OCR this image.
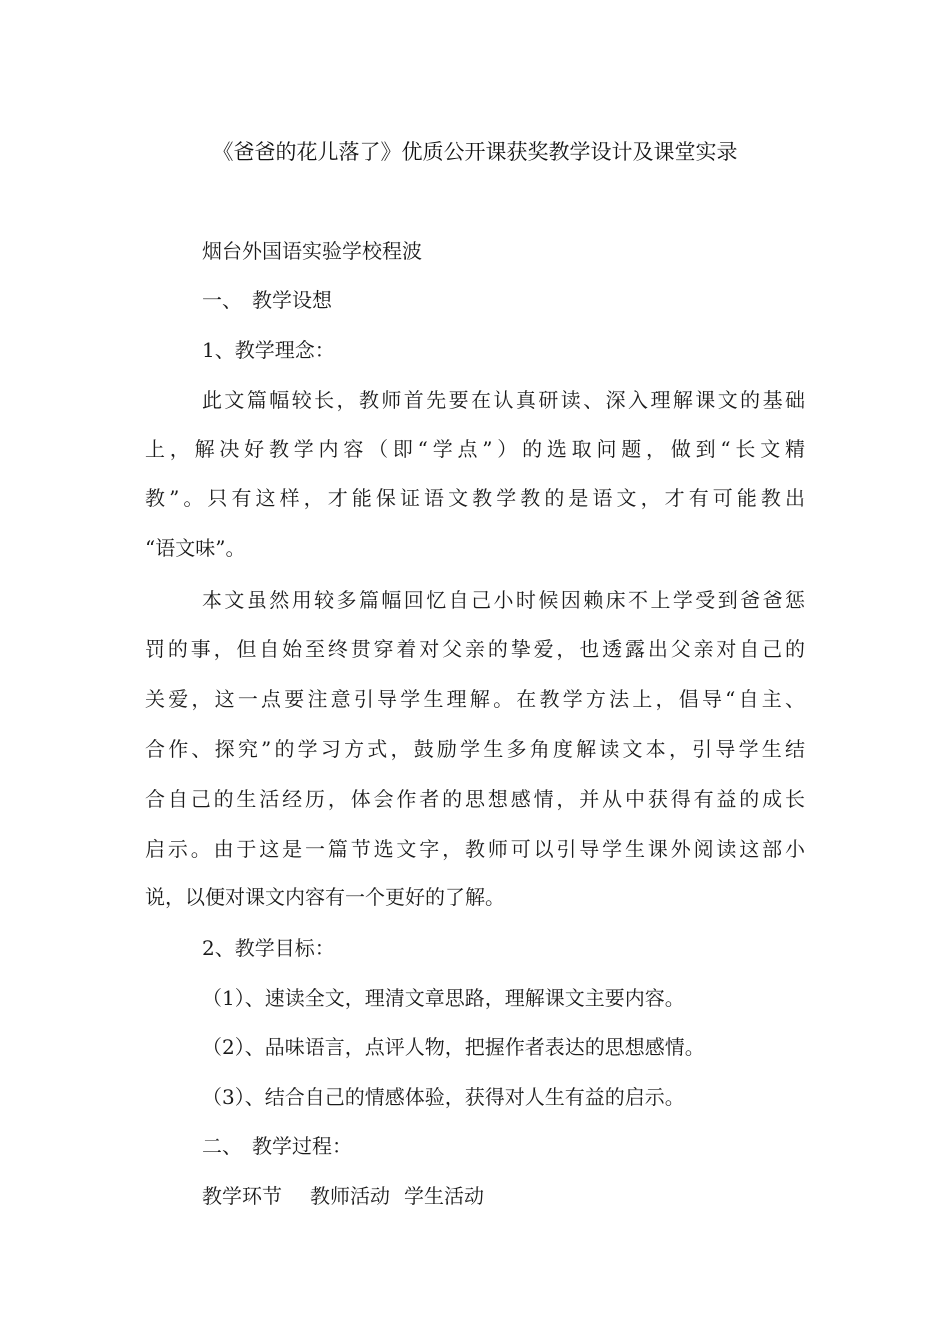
《爸爸的花儿落了》优质公开课获奖教学设计及课堂实录
烟台外国语实验学校程波
一、　教学设想
1、教学理念：
此文篇幅较长，教师首先要在认真研读、深入理解课文的基础
上，解决好教学内容（即“学点”）的选取问题，做到“长文精
教”。只有这样，才能保证语文教学教的是语文，才有可能教出
“语文味”。
本文虽然用较多篇幅回忆自己小时候因赖床不上学受到爸爸惩
罚的事，但自始至终贯穿着对父亲的挚爱，也透露出父亲对自己的
关爱，这一点要注意引导学生理解。在教学方法上，倡导“自主、
合作、探究”的学习方式，鼓励学生多角度解读文本，引导学生结
合自己的生活经历，体会作者的思想感情，并从中获得有益的成长
启示。由于这是一篇节选文字，教师可以引导学生课外阅读这部小
说，以便对课文内容有一个更好的了解。
2、教学目标：
（1）、速读全文，理清文章思路，理解课文主要内容。
（2）、品味语言，点评人物，把握作者表达的思想感情。
（3）、结合自己的情感体验，获得对人生有益的启示。
二、　教学过程：
教学环节 教师活动 学生活动
